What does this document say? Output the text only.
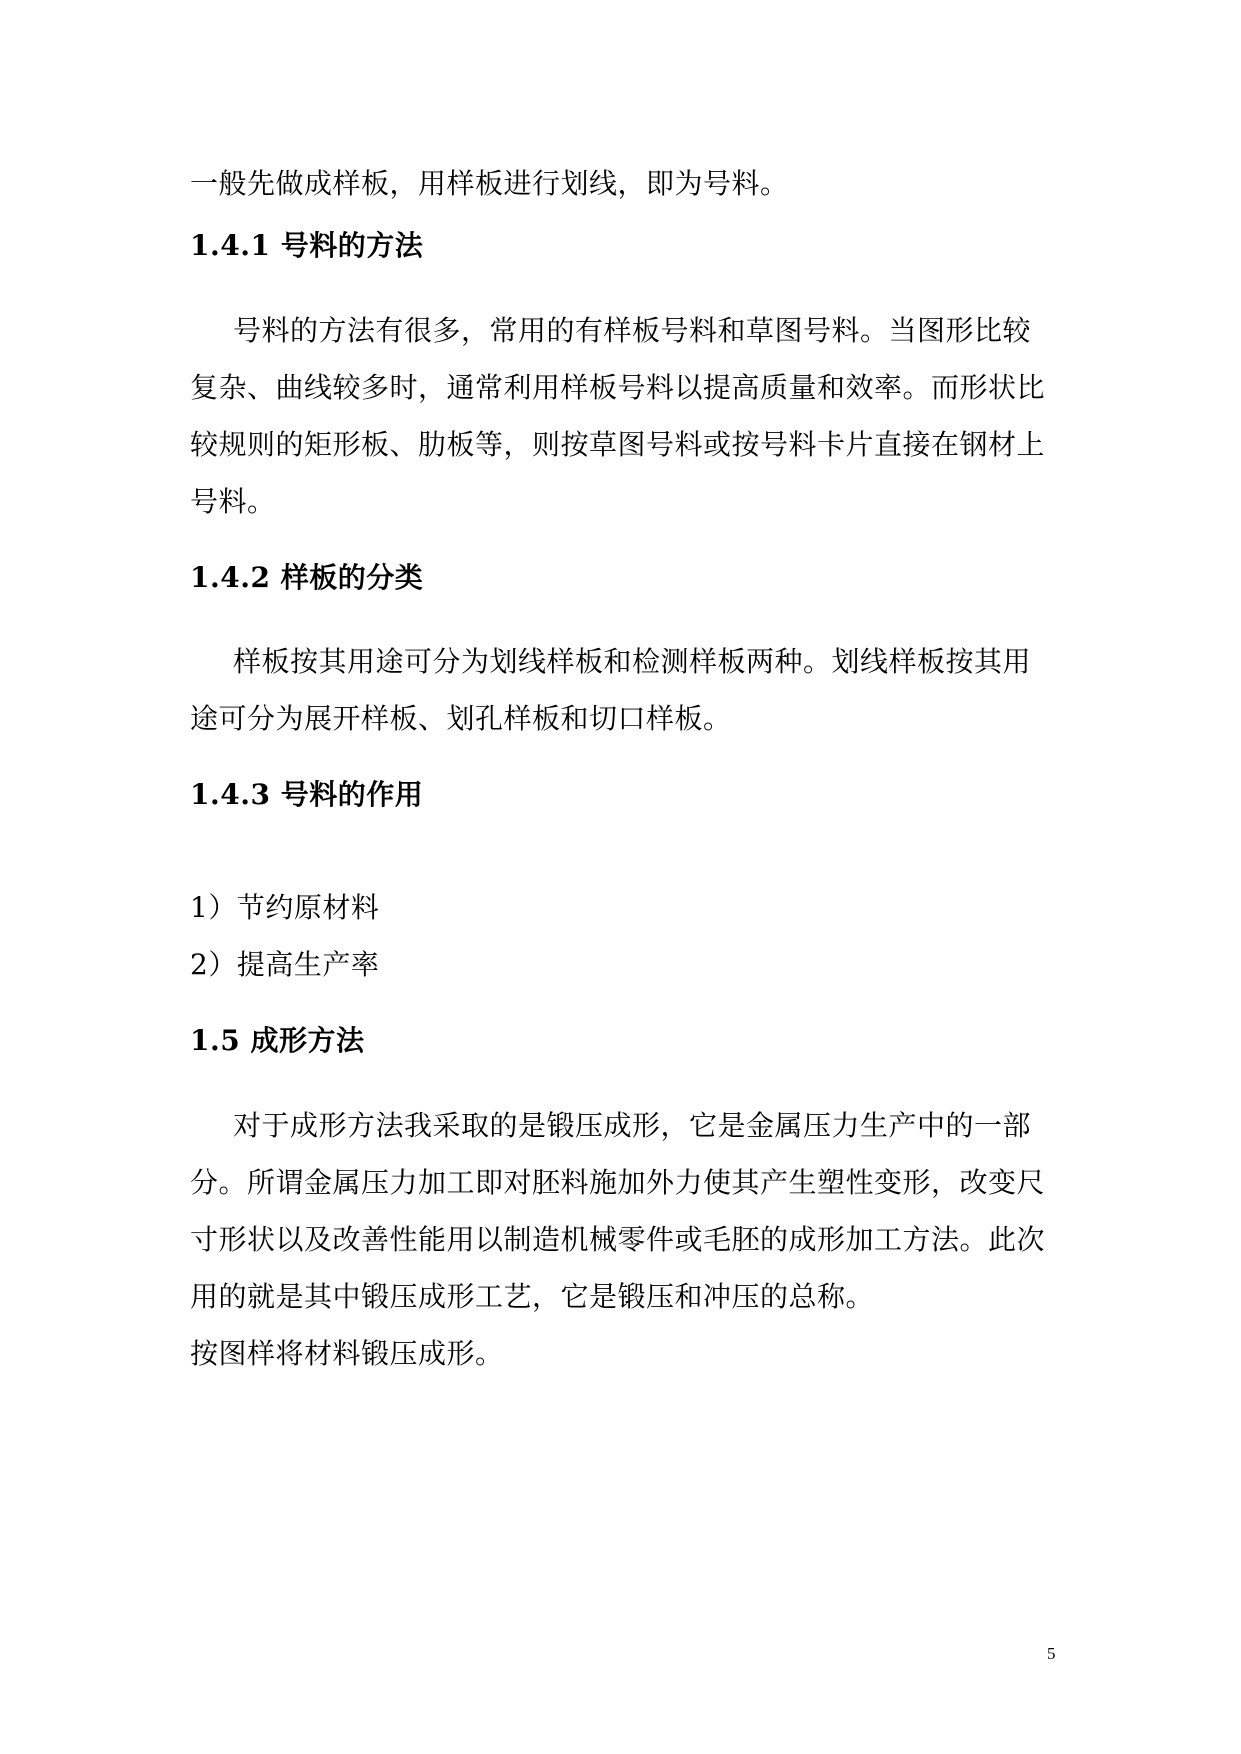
一般先做成样板，用样板进行划线，即为号料。
1.4.1 号料的方法
号料的方法有很多，常用的有样板号料和草图号料。当图形比较
复杂、曲线较多时，通常利用样板号料以提高质量和效率。而形状比
较规则的矩形板、肋板等，则按草图号料或按号料卡片直接在钢材上
号料。
1.4.2 样板的分类
样板按其用途可分为划线样板和检测样板两种。划线样板按其用
途可分为展开样板、划孔样板和切口样板。
1.4.3 号料的作用
1）节约原材料
2）提高生产率
1.5 成形方法
对于成形方法我采取的是锻压成形，它是金属压力生产中的一部
分。所谓金属压力加工即对胚料施加外力使其产生塑性变形，改变尺
寸形状以及改善性能用以制造机械零件或毛胚的成形加工方法。此次
用的就是其中锻压成形工艺，它是锻压和冲压的总称。
按图样将材料锻压成形。
5
